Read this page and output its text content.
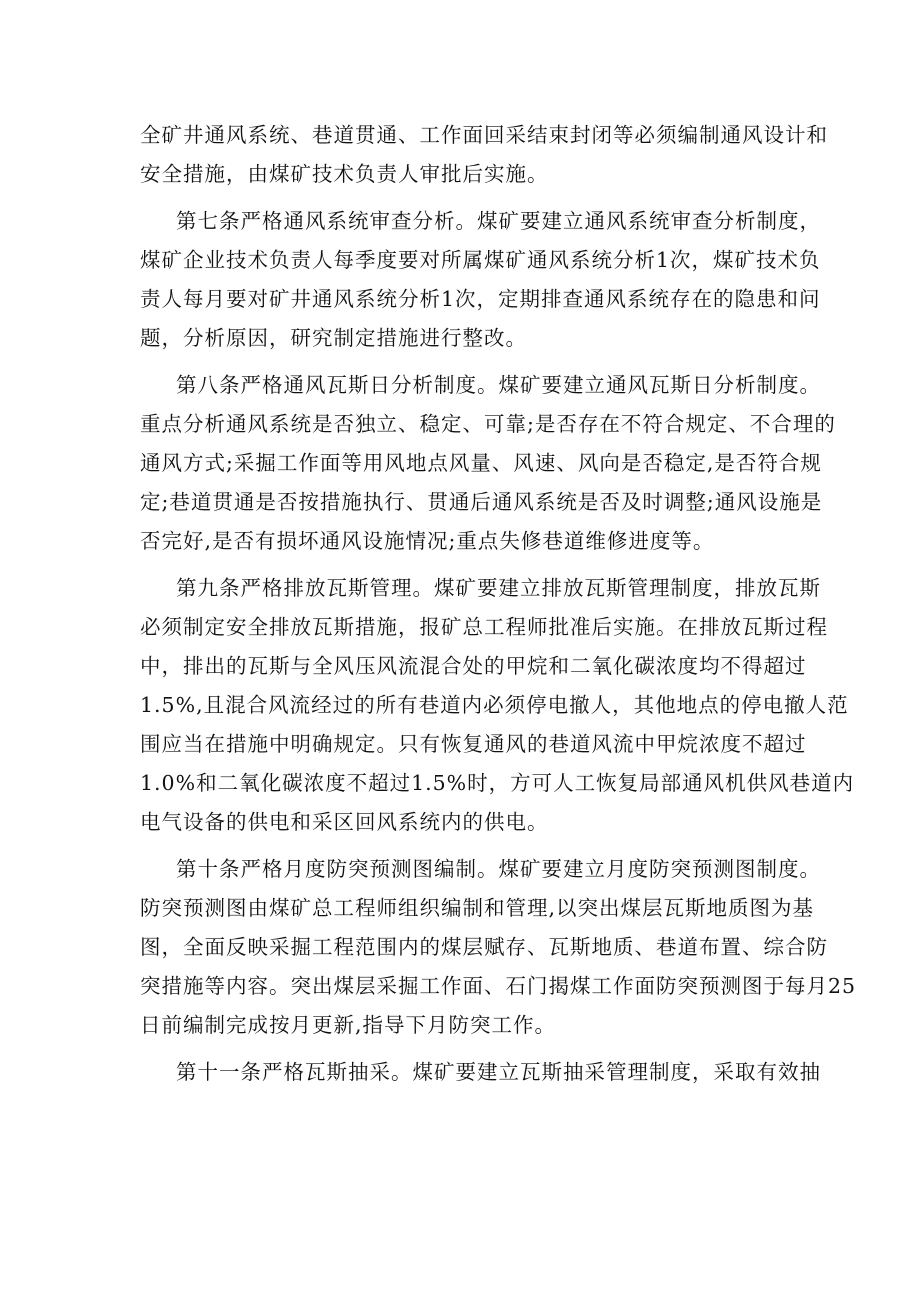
全矿井通风系统、巷道贯通、工作面回采结束封闭等必须编制通风设计和
安全措施，由煤矿技术负责人审批后实施。
第七条严格通风系统审查分析。煤矿要建立通风系统审查分析制度，
煤矿企业技术负责人每季度要对所属煤矿通风系统分析1次，煤矿技术负
责人每月要对矿井通风系统分析1次，定期排查通风系统存在的隐患和问
题，分析原因，研究制定措施进行整改。
第八条严格通风瓦斯日分析制度。煤矿要建立通风瓦斯日分析制度。
重点分析通风系统是否独立、稳定、可靠;是否存在不符合规定、不合理的
通风方式;采掘工作面等用风地点风量、风速、风向是否稳定,是否符合规
定;巷道贯通是否按措施执行、贯通后通风系统是否及时调整;通风设施是
否完好,是否有损坏通风设施情况;重点失修巷道维修进度等。
第九条严格排放瓦斯管理。煤矿要建立排放瓦斯管理制度，排放瓦斯
必须制定安全排放瓦斯措施，报矿总工程师批准后实施。在排放瓦斯过程
中，排出的瓦斯与全风压风流混合处的甲烷和二氧化碳浓度均不得超过
1.5%,且混合风流经过的所有巷道内必须停电撤人，其他地点的停电撤人范
围应当在措施中明确规定。只有恢复通风的巷道风流中甲烷浓度不超过
1.0%和二氧化碳浓度不超过1.5%时，方可人工恢复局部通风机供风巷道内
电气设备的供电和采区回风系统内的供电。
第十条严格月度防突预测图编制。煤矿要建立月度防突预测图制度。
防突预测图由煤矿总工程师组织编制和管理,以突出煤层瓦斯地质图为基
图，全面反映采掘工程范围内的煤层赋存、瓦斯地质、巷道布置、综合防
突措施等内容。突出煤层采掘工作面、石门揭煤工作面防突预测图于每月25
日前编制完成按月更新,指导下月防突工作。
第十一条严格瓦斯抽采。煤矿要建立瓦斯抽采管理制度，采取有效抽
